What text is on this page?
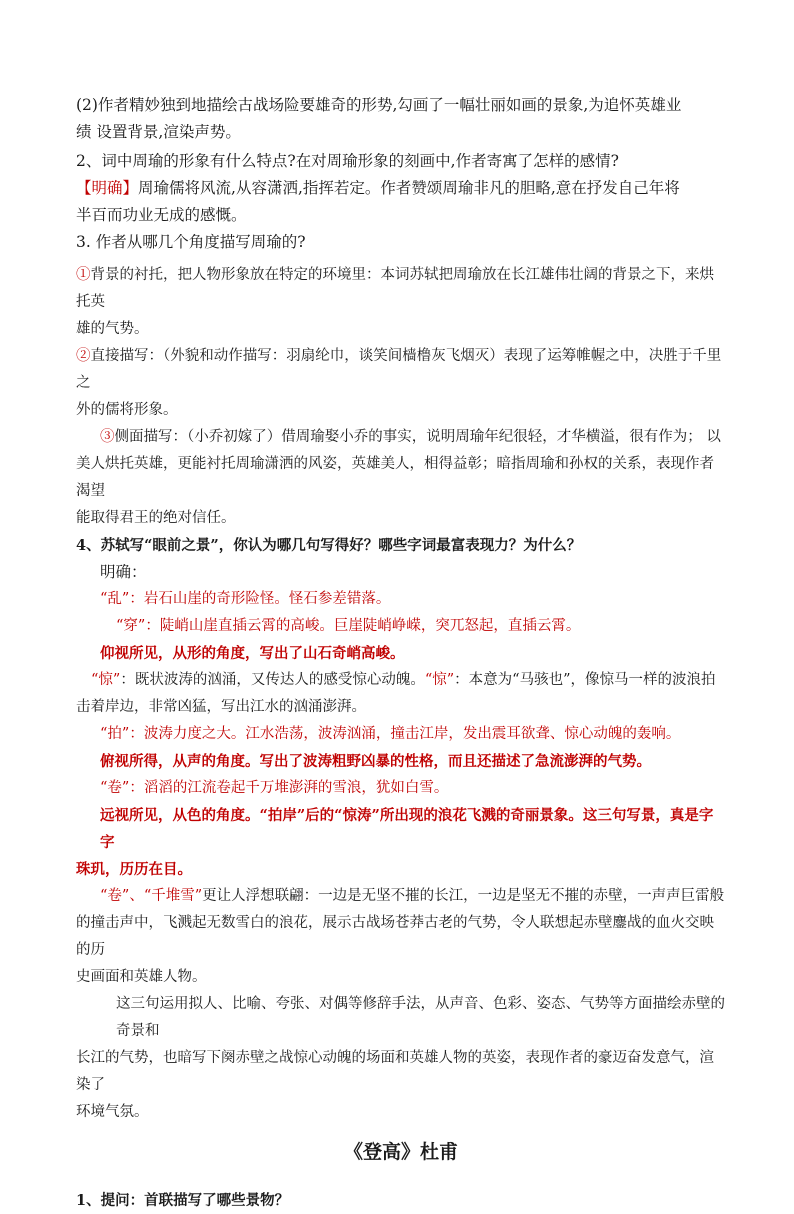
(2)作者精妙独到地描绘古战场险要雄奇的形势,勾画了一幅壮丽如画的景象,为追怀英雄业

绩 设置背景,渲染声势。

2、词中周瑜的形象有什么特点?在对周瑜形象的刻画中,作者寄寓了怎样的感情?

【明确】周瑜儒将风流,从容潇洒,指挥若定。作者赞颂周瑜非凡的胆略,意在抒发自己年将

半百而功业无成的感慨。

3. 作者从哪几个角度描写周瑜的?

①背景的衬托，把人物形象放在特定的环境里：本词苏轼把周瑜放在长江雄伟壮阔的背景之下，来烘托英

雄的气势。

②直接描写：（外貌和动作描写：羽扇纶巾，谈笑间樯橹灰飞烟灭）表现了运筹帷幄之中，决胜于千里之

外的儒将形象。

③侧面描写：（小乔初嫁了）借周瑜娶小乔的事实，说明周瑜年纪很轻，才华横溢，很有作为； 以

美人烘托英雄，更能衬托周瑜潇洒的风姿，英雄美人，相得益彰；暗指周瑜和孙权的关系，表现作者渴望

能取得君王的绝对信任。

4、苏轼写“眼前之景”，你认为哪几句写得好？哪些字词最富表现力？为什么？

明确：

“乱”：岩石山崖的奇形险怪。怪石参差错落。

“穿”：陡峭山崖直插云霄的高峻。巨崖陡峭峥嵘，突兀怒起，直插云霄。

仰视所见，从形的角度，写出了山石奇峭高峻。

“惊”：既状波涛的汹涌，又传达人的感受惊心动魄。“惊”：本意为“马骇也”，像惊马一样的波浪拍

击着岸边，非常凶猛，写出江水的汹涌澎湃。

“拍”：波涛力度之大。江水浩荡，波涛汹涌，撞击江岸，发出震耳欲聋、惊心动魄的轰响。

俯视所得，从声的角度。写出了波涛粗野凶暴的性格，而且还描述了急流澎湃的气势。

“卷”：滔滔的江流卷起千万堆澎湃的雪浪，犹如白雪。

远视所见，从色的角度。“拍岸”后的“惊涛”所出现的浪花飞溅的奇丽景象。这三句写景，真是字字

珠玑，历历在目。

“卷”、“千堆雪”更让人浮想联翩：一边是无坚不摧的长江，一边是坚无不摧的赤壁，一声声巨雷般

的撞击声中，飞溅起无数雪白的浪花，展示古战场苍莽古老的气势，令人联想起赤壁鏖战的血火交映的历

史画面和英雄人物。

这三句运用拟人、比喻、夸张、对偶等修辞手法，从声音、色彩、姿态、气势等方面描绘赤壁的奇景和

长江的气势，也暗写下阕赤壁之战惊心动魄的场面和英雄人物的英姿，表现作者的豪迈奋发意气，渲染了

环境气氛。

《登高》杜甫

1、提问：首联描写了哪些景物？
